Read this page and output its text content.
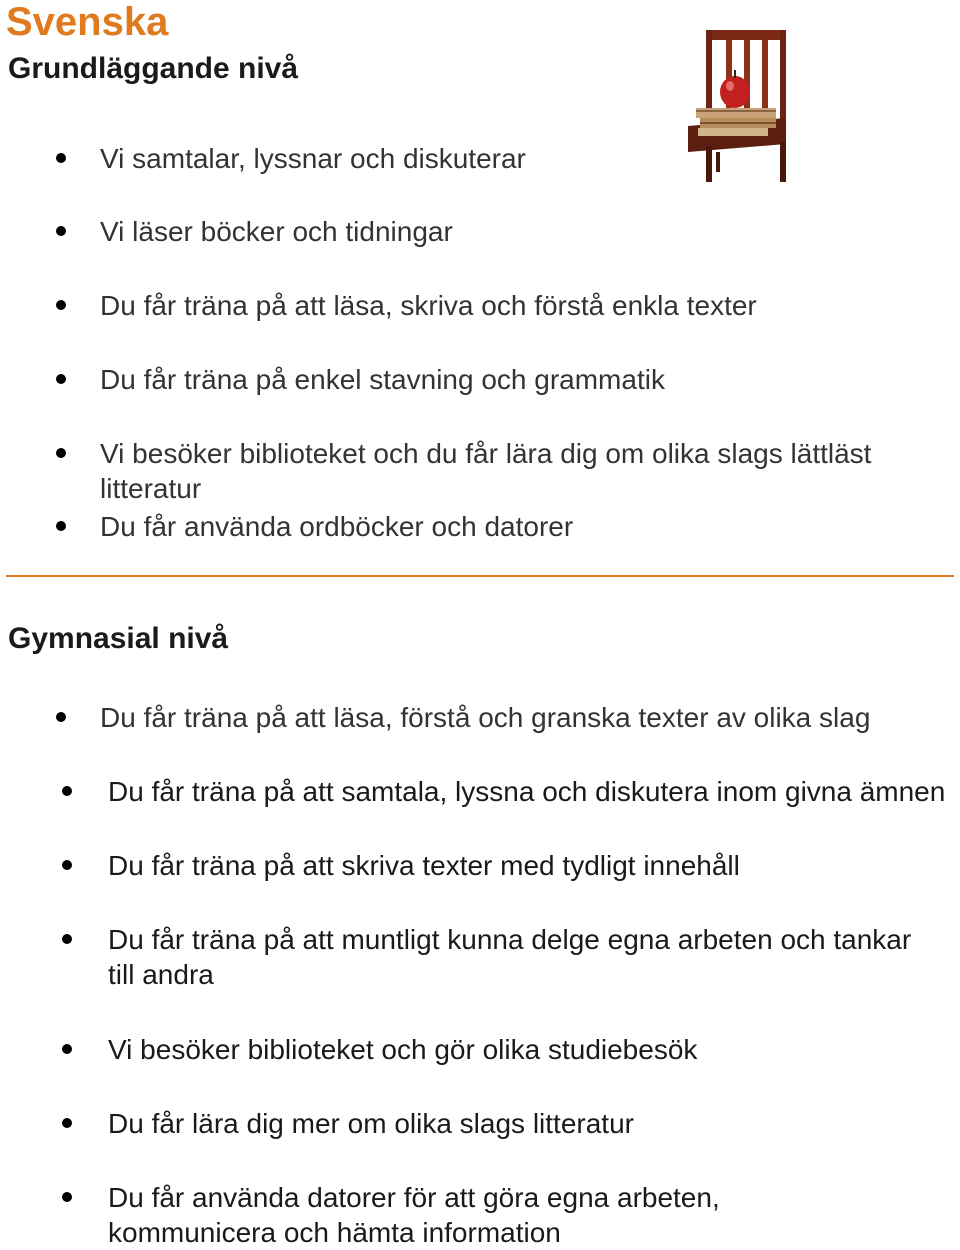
Svenska
Grundläggande nivå
Vi samtalar, lyssnar och diskuterar
Vi läser böcker och tidningar
Du får träna på att läsa, skriva och förstå enkla texter
Du får träna på enkel stavning och grammatik
Vi besöker biblioteket och du får lära dig om olika slags lättläst litteratur
Du får använda ordböcker och datorer
Gymnasial nivå
Du får träna på att läsa, förstå och granska texter av olika slag
Du får träna på att samtala, lyssna och diskutera inom givna ämnen
Du får träna på att skriva texter med tydligt innehåll
Du får träna på att muntligt kunna delge egna arbeten och tankar till andra
Vi besöker biblioteket och gör olika studiebesök
Du får lära dig mer om olika slags litteratur
Du får använda datorer för att göra egna arbeten, kommunicera och hämta information
